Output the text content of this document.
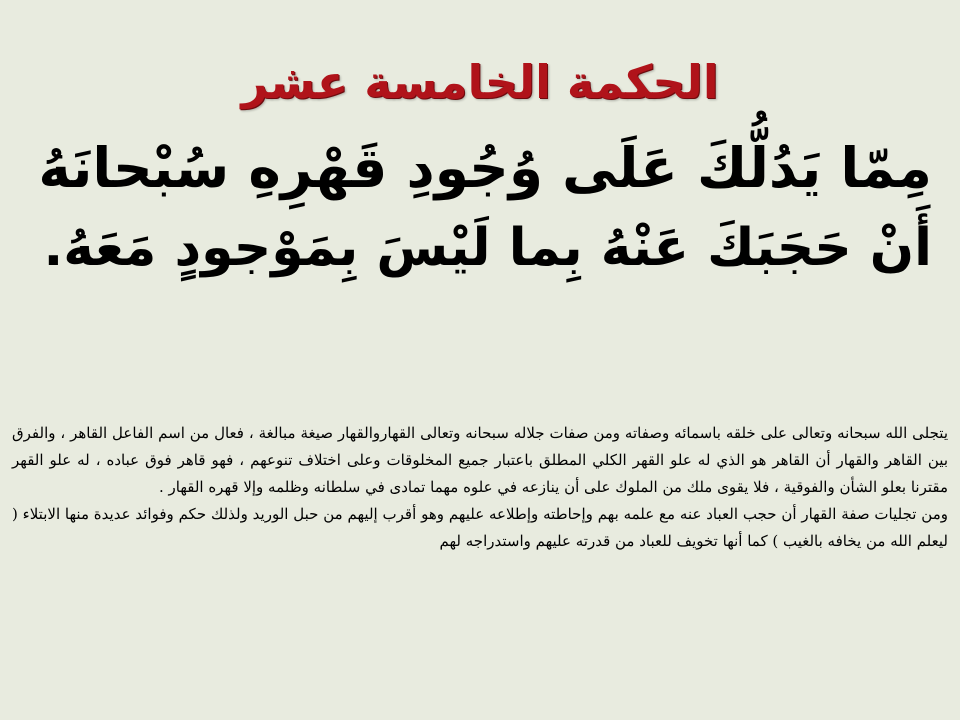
الحكمة الخامسة عشر
مِمّا يَدُلُّكَ عَلَى وُجُودِ قَهْرِهِ سُبْحانَهُ
أَنْ حَجَبَكَ عَنْهُ بِما لَيْسَ بِمَوْجودٍ مَعَهُ.

يتجلى الله سبحانه وتعالى على خلقه باسمائه وصفاته ومن صفات جلاله سبحانه وتعالى القهاروالقهار صيغة مبالغة ، فعال من اسم الفاعل القاهر ، والفرق بين القاهر والقهار أن القاهر هو الذي له علو القهر الكلي المطلق باعتبار جميع المخلوقات وعلى اختلاف تنوعهم ، فهو قاهر فوق عباده ، له علو القهر مقترنا بعلو الشأن والفوقية ، فلا يقوى ملك من الملوك على أن ينازعه في علوه مهما تمادى في سلطانه وظلمه وإلا قهره القهار .

ومن تجليات صفة القهار أن حجب العباد عنه مع علمه بهم وإحاطته وإطلاعه عليهم وهو أقرب إليهم من حبل الوريد ولذلك حكم وفوائد عديدة منها الابتلاء ( ليعلم الله من يخافه بالغيب ) كما أنها تخويف للعباد من قدرته عليهم واستدراجه لهم
